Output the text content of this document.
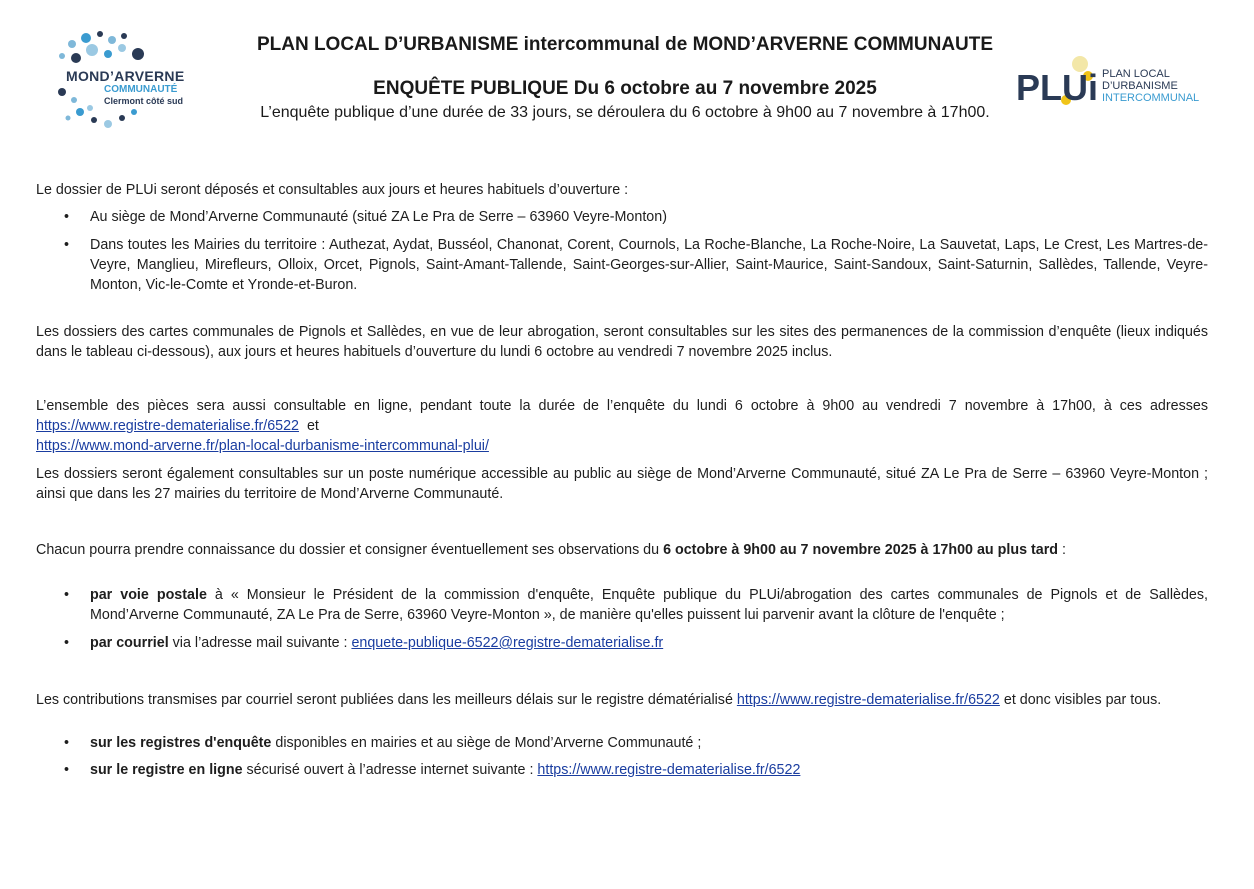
MOND’ARVERNE
COMMUNAUTÉ
Clermont côté sud
PLAN LOCAL D’URBANISME intercommunal de MOND’ARVERNE COMMUNAUTE
ENQUÊTE PUBLIQUE Du 6 octobre au 7 novembre 2025
L’enquête publique d’une durée de 33 jours, se déroulera du 6 octobre à 9h00 au 7 novembre à 17h00.
PLUi PLAN LOCAL
D’URBANISME
INTERCOMMUNAL
Le dossier de PLUi seront déposés et consultables aux jours et heures habituels d’ouverture :
• Au siège de Mond’Arverne Communauté (situé ZA Le Pra de Serre – 63960 Veyre-Monton)
• Dans toutes les Mairies du territoire : Authezat, Aydat, Busséol, Chanonat, Corent, Cournols, La Roche-Blanche, La Roche-Noire, La Sauvetat, Laps, Le Crest, Les Martres-de-Veyre, Manglieu, Mirefleurs, Olloix, Orcet, Pignols, Saint-Amant-Tallende, Saint-Georges-sur-Allier, Saint-Maurice, Saint-Sandoux, Saint-Saturnin, Sallèdes, Tallende, Veyre-Monton, Vic-le-Comte et Yronde-et-Buron.
Les dossiers des cartes communales de Pignols et Sallèdes, en vue de leur abrogation, seront consultables sur les sites des permanences de la commission d’enquête (lieux indiqués dans le tableau ci-dessous), aux jours et heures habituels d’ouverture du lundi 6 octobre au vendredi 7 novembre 2025 inclus.
L’ensemble des pièces sera aussi consultable en ligne, pendant toute la durée de l’enquête du lundi 6 octobre à 9h00 au vendredi 7 novembre à 17h00, à ces adresses https://www.registre-dematerialise.fr/6522 et
https://www.mond-arverne.fr/plan-local-durbanisme-intercommunal-plui/
Les dossiers seront également consultables sur un poste numérique accessible au public au siège de Mond’Arverne Communauté, situé ZA Le Pra de Serre – 63960 Veyre-Monton ; ainsi que dans les 27 mairies du territoire de Mond’Arverne Communauté.
Chacun pourra prendre connaissance du dossier et consigner éventuellement ses observations du 6 octobre à 9h00 au 7 novembre 2025 à 17h00 au plus tard :
• par voie postale à « Monsieur le Président de la commission d'enquête, Enquête publique du PLUi/abrogation des cartes communales de Pignols et de Sallèdes, Mond’Arverne Communauté, ZA Le Pra de Serre, 63960 Veyre-Monton », de manière qu'elles puissent lui parvenir avant la clôture de l'enquête ;
• par courriel via l’adresse mail suivante : enquete-publique-6522@registre-dematerialise.fr
Les contributions transmises par courriel seront publiées dans les meilleurs délais sur le registre dématérialisé https://www.registre-dematerialise.fr/6522 et donc visibles par tous.
• sur les registres d'enquête disponibles en mairies et au siège de Mond’Arverne Communauté ;
• sur le registre en ligne sécurisé ouvert à l’adresse internet suivante : https://www.registre-dematerialise.fr/6522
